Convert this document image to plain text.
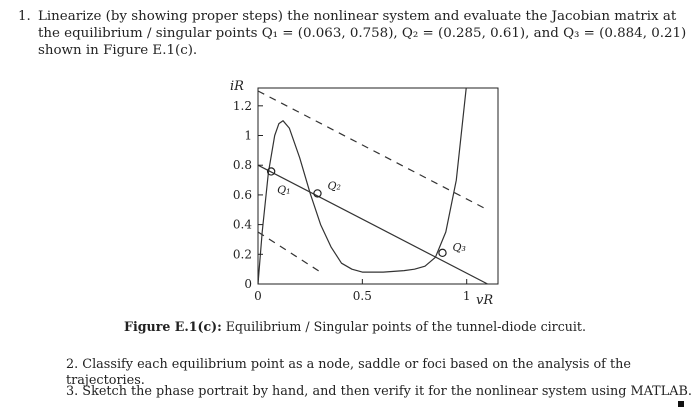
1. Linearize (by showing proper steps) the nonlinear system and evaluate the Jacobian matrix at
the equilibrium / singular points Q₁ = (0.063, 0.758), Q₂ = (0.285, 0.61), and Q₃ = (0.884, 0.21)
shown in Figure E.1(c).
0
0.2
0.4
0.6
0.8
1
1.2
0	0.5	1
iR
vR
Q₁	Q₂
Q₃
Figure E.1(c): Equilibrium / Singular points of the tunnel-diode circuit.
2. Classify each equilibrium point as a node, saddle or foci based on the analysis of the trajectories.
3. Sketch the phase portrait by hand, and then verify it for the nonlinear system using MATLAB.
